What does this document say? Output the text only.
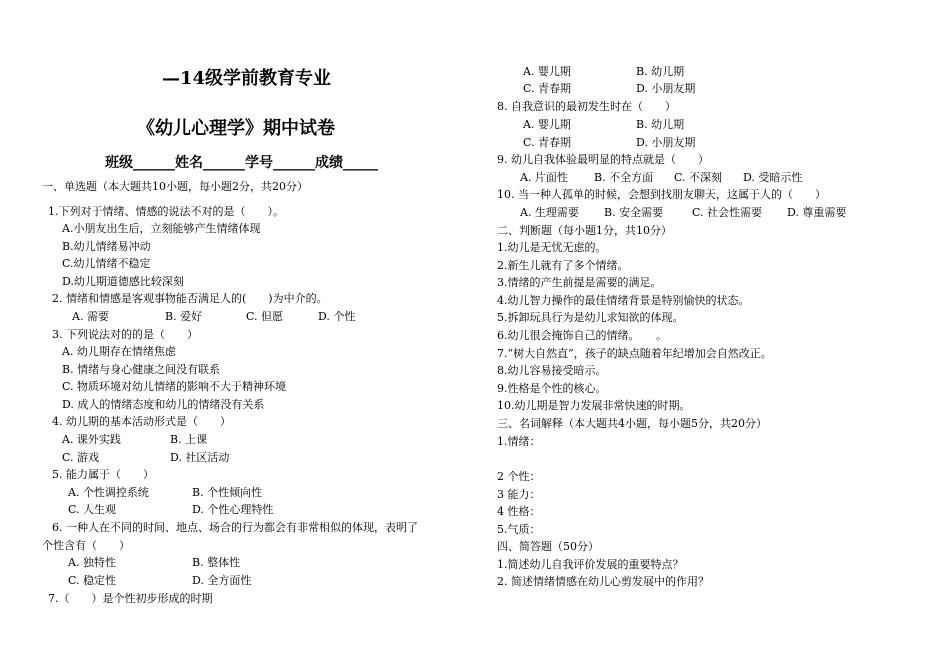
—14级学前教育专业
《幼儿心理学》期中试卷
班级______姓名______学号______成绩_____
一、单选题（本大题共10小题，每小题2分，共20分）
1.下列对于情绪、情感的说法不对的是（　　）。
A.小朋友出生后，立刻能够产生情绪体现
B.幼儿情绪易冲动
C.幼儿情绪不稳定
D.幼儿期道德感比较深刻
2. 情绪和情感是客观事物能否满足人的(　　)为中介的。
A. 需要	B. 爱好	C. 但愿	D. 个性
3. 下列说法对的的是（　　）
A. 幼儿期存在情绪焦虑
B. 情绪与身心健康之间没有联系
C. 物质环境对幼儿情绪的影响不大于精神环境
D. 成人的情绪态度和幼儿的情绪没有关系
4. 幼儿期的基本活动形式是（　　）
A. 课外实践	B. 上课
C. 游戏	D. 社区活动
5. 能力属于（　　）
A. 个性调控系统	B. 个性倾向性
C. 人生观	D. 个性心理特性
6. 一种人在不同的时间、地点、场合的行为都会有非常相似的体现，表明了
个性含有（　　）
A. 独特性	B. 整体性
C. 稳定性	D. 全方面性
7.（　　）是个性初步形成的时期
A. 婴儿期	B. 幼儿期
C. 青春期	D. 小朋友期
8. 自我意识的最初发生时在（　　）
A. 婴儿期	B. 幼儿期
C. 青春期	D. 小朋友期
9. 幼儿自我体验最明显的特点就是（　　）
A. 片面性 B. 不全方面 C. 不深刻 D. 受暗示性
10. 当一种人孤单的时候，会想到找朋友聊天，这属于人的（　　）
A. 生理需要 B. 安全需要	C. 社会性需要 D. 尊重需要
二、判断题（每小题1分，共10分）
1.幼儿是无忧无虑的。
2.新生儿就有了多个情绪。
3.情绪的产生前提是需要的满足。
4.幼儿智力操作的最佳情绪背景是特别愉快的状态。
5.拆卸玩具行为是幼儿求知欲的体现。
6.幼儿很会掩饰自己的情绪。　　。
7.“树大自然直”，孩子的缺点随着年纪增加会自然改正。
8.幼儿容易接受暗示。
9.性格是个性的核心。
10.幼儿期是智力发展非常快速的时期。
三、名词解释（本大题共4小题，每小题5分，共20分）
1.情绪：
2 个性：
3 能力：
4 性格：
5.气质：
四、简答题（50分）
1.简述幼儿自我评价发展的重要特点？
2. 简述情绪情感在幼儿心剪发展中的作用？
